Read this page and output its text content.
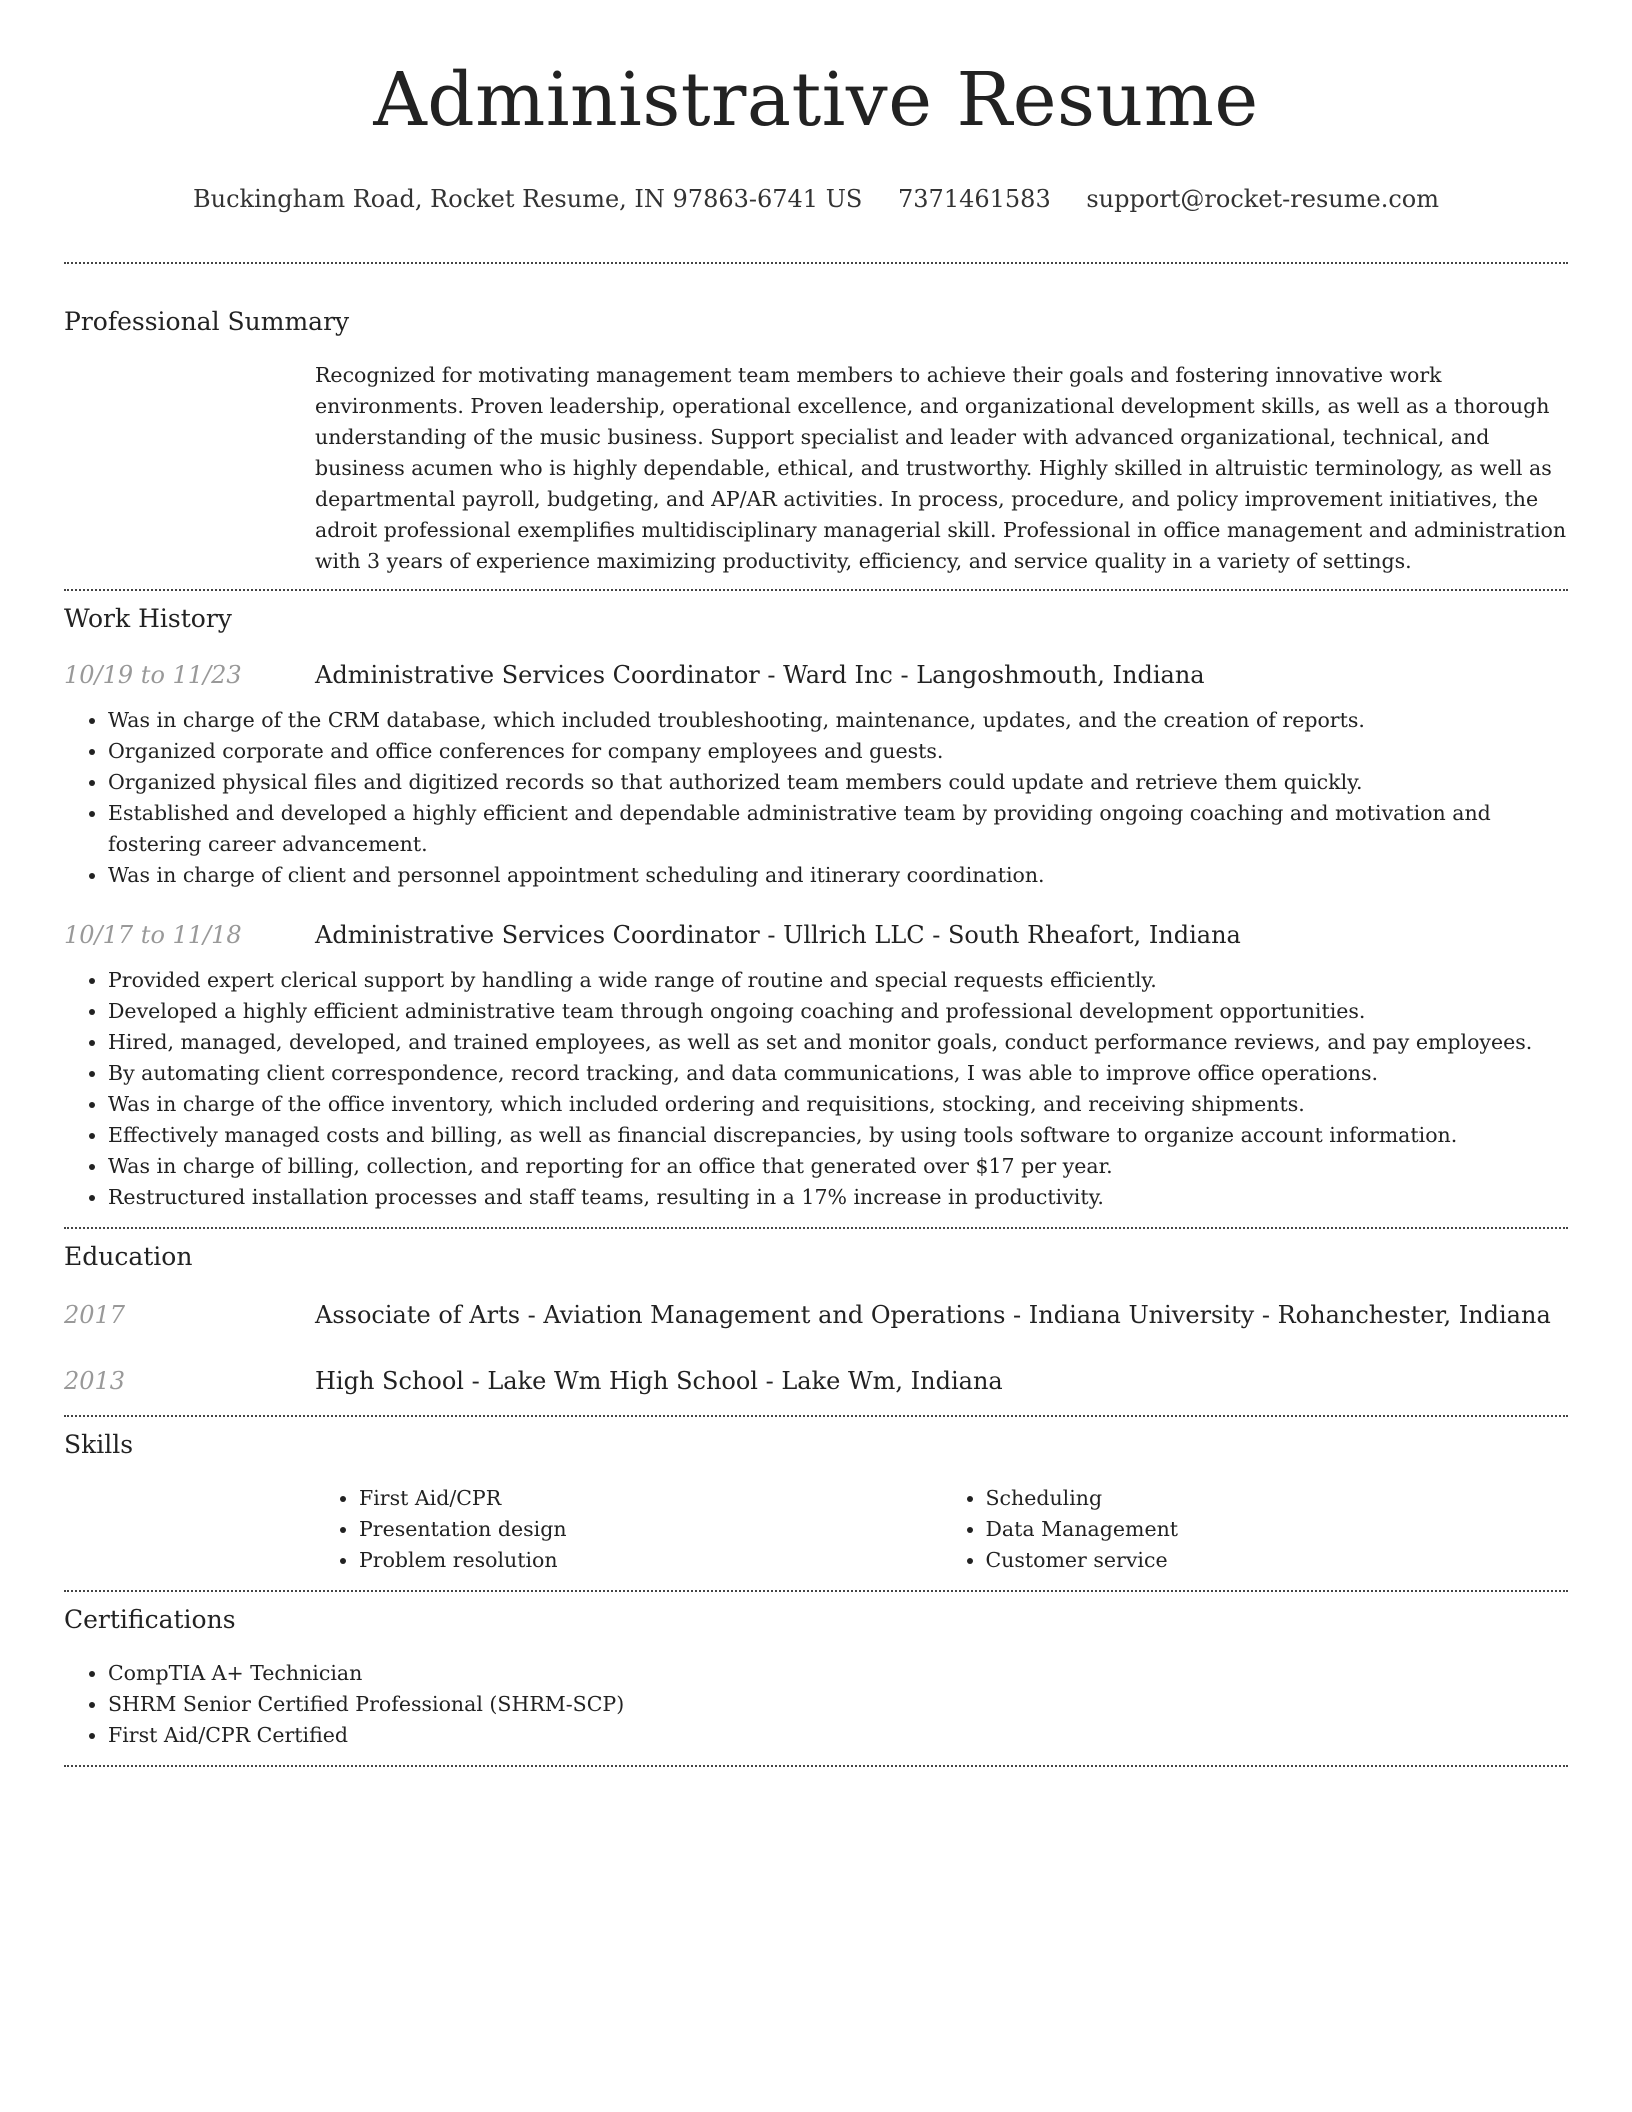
Administrative Resume
Buckingham Road, Rocket Resume, IN 97863-6741 US 7371461583 support@rocket-resume.com
Professional Summary

Recognized for motivating management team members to achieve their goals and fostering innovative work environments. Proven leadership, operational excellence, and organizational development skills, as well as a thorough understanding of the music business. Support specialist and leader with advanced organizational, technical, and business acumen who is highly dependable, ethical, and trustworthy. Highly skilled in altruistic terminology, as well as departmental payroll, budgeting, and AP/AR activities. In process, procedure, and policy improvement initiatives, the adroit professional exemplifies multidisciplinary managerial skill. Professional in office management and administration with 3 years of experience maximizing productivity, efficiency, and service quality in a variety of settings.

Work History
10/19 to 11/23	Administrative Services Coordinator - Ward Inc - Langoshmouth, Indiana
• Was in charge of the CRM database, which included troubleshooting, maintenance, updates, and the creation of reports.
• Organized corporate and office conferences for company employees and guests.
• Organized physical files and digitized records so that authorized team members could update and retrieve them quickly.
• Established and developed a highly efficient and dependable administrative team by providing ongoing coaching and motivation and fostering career advancement.
• Was in charge of client and personnel appointment scheduling and itinerary coordination.
10/17 to 11/18	Administrative Services Coordinator - Ullrich LLC - South Rheafort, Indiana
• Provided expert clerical support by handling a wide range of routine and special requests efficiently.
• Developed a highly efficient administrative team through ongoing coaching and professional development opportunities.
• Hired, managed, developed, and trained employees, as well as set and monitor goals, conduct performance reviews, and pay employees.
• By automating client correspondence, record tracking, and data communications, I was able to improve office operations.
• Was in charge of the office inventory, which included ordering and requisitions, stocking, and receiving shipments.
• Effectively managed costs and billing, as well as financial discrepancies, by using tools software to organize account information.
• Was in charge of billing, collection, and reporting for an office that generated over $17 per year.
• Restructured installation processes and staff teams, resulting in a 17% increase in productivity.
Education
2017	Associate of Arts - Aviation Management and Operations - Indiana University - Rohanchester, Indiana
2013	High School - Lake Wm High School - Lake Wm, Indiana
Skills
• First Aid/CPR
• Presentation design
• Problem resolution
• Scheduling
• Data Management
• Customer service
Certifications
• CompTIA A+ Technician
• SHRM Senior Certified Professional (SHRM-SCP)
• First Aid/CPR Certified
